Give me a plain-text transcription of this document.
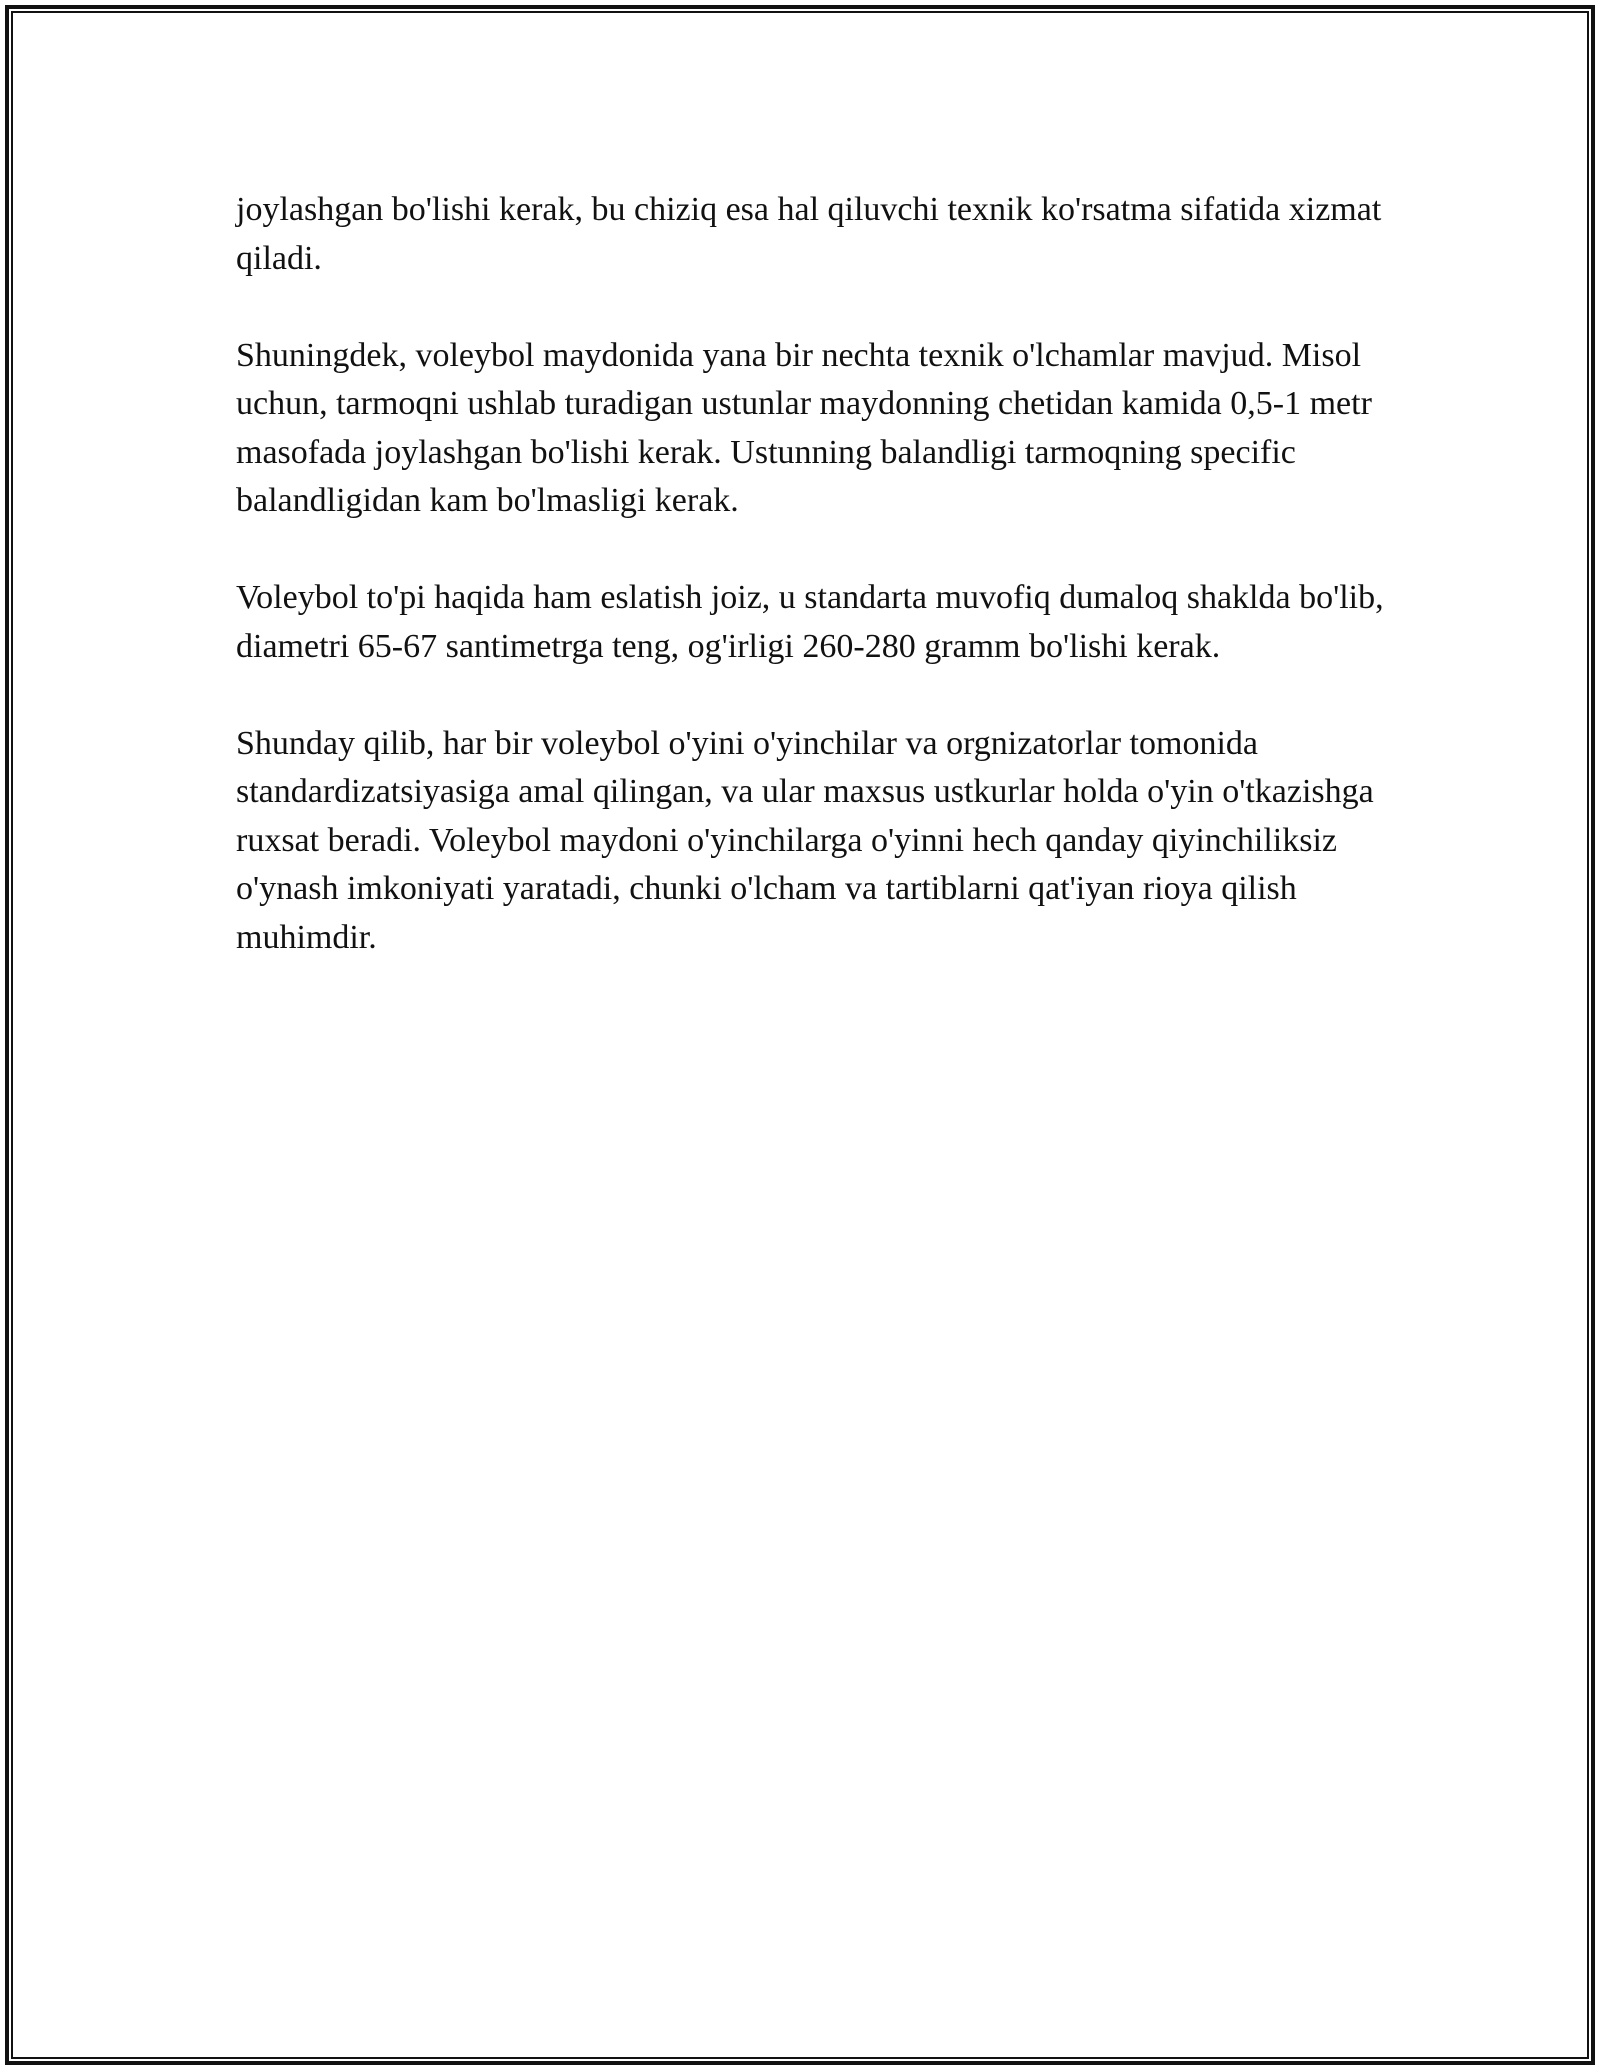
joylashgan bo'lishi kerak, bu chiziq esa hal qiluvchi texnik ko'rsatma sifatida xizmat qiladi.

Shuningdek, voleybol maydonida yana bir nechta texnik o'lchamlar mavjud. Misol uchun, tarmoqni ushlab turadigan ustunlar maydonning chetidan kamida 0,5-1 metr masofada joylashgan bo'lishi kerak. Ustunning balandligi tarmoqning specific balandligidan kam bo'lmasligi kerak.

Voleybol to'pi haqida ham eslatish joiz, u standarta muvofiq dumaloq shaklda bo'lib, diametri 65-67 santimetrga teng, og'irligi 260-280 gramm bo'lishi kerak.

Shunday qilib, har bir voleybol o'yini o'yinchilar va orgnizatorlar tomonida standardizatsiyasiga amal qilingan, va ular maxsus ustkurlar holda o'yin o'tkazishga ruxsat beradi. Voleybol maydoni o'yinchilarga o'yinni hech qanday qiyinchiliksiz o'ynash imkoniyati yaratadi, chunki o'lcham va tartiblarni qat'iyan rioya qilish muhimdir.
